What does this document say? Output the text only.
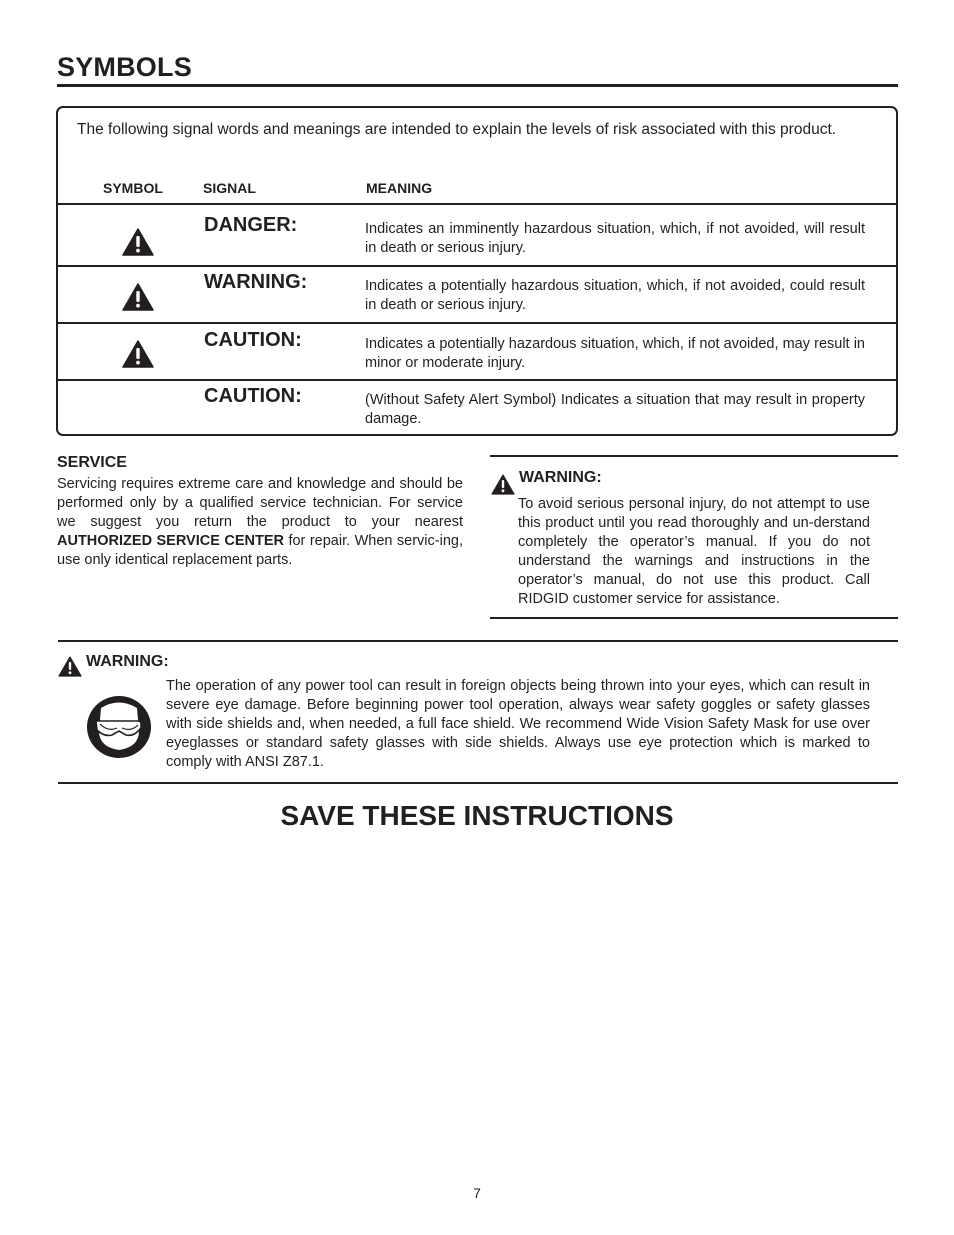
SYMBOLS
The following signal words and meanings are intended to explain the levels of risk associated with this product.
SYMBOL	SIGNAL	MEANING
DANGER:	Indicates an imminently hazardous situation, which, if not avoided, will result in death or serious injury.
WARNING:	Indicates a potentially hazardous situation, which, if not avoided, could result in death or serious injury.
CAUTION:	Indicates a potentially hazardous situation, which, if not avoided, may result in minor or moderate injury.
CAUTION:	(Without Safety Alert Symbol) Indicates a situation that may result in property damage.
SERVICE

Servicing requires extreme care and knowledge and should be performed only by a qualified service technician. For service we suggest you return the product to your nearest AUTHORIZED SERVICE CENTER for repair. When servic-ing, use only identical replacement parts.

WARNING:

To avoid serious personal injury, do not attempt to use this product until you read thoroughly and un-derstand completely the operator’s manual. If you do not understand the warnings and instructions in the operator’s manual, do not use this product. Call RIDGID customer service for assistance.

WARNING:

The operation of any power tool can result in foreign objects being thrown into your eyes, which can result in severe eye damage. Before beginning power tool operation, always wear safety goggles or safety glasses with side shields and, when needed, a full face shield. We recommend Wide Vision Safety Mask for use over eyeglasses or standard safety glasses with side shields. Always use eye protection which is marked to comply with ANSI Z87.1.

SAVE THESE INSTRUCTIONS
7
